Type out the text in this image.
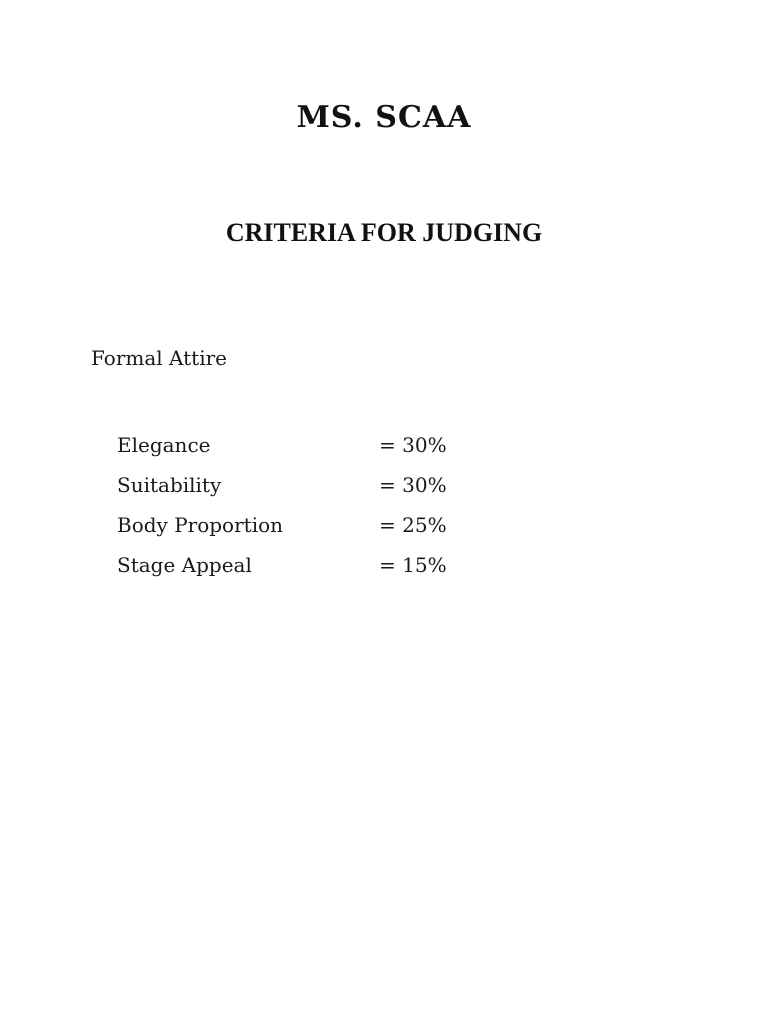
MS. SCAA
CRITERIA FOR JUDGING
Formal Attire
Elegance	= 30%
Suitability	= 30%
Body Proportion	= 25%
Stage Appeal	= 15%
